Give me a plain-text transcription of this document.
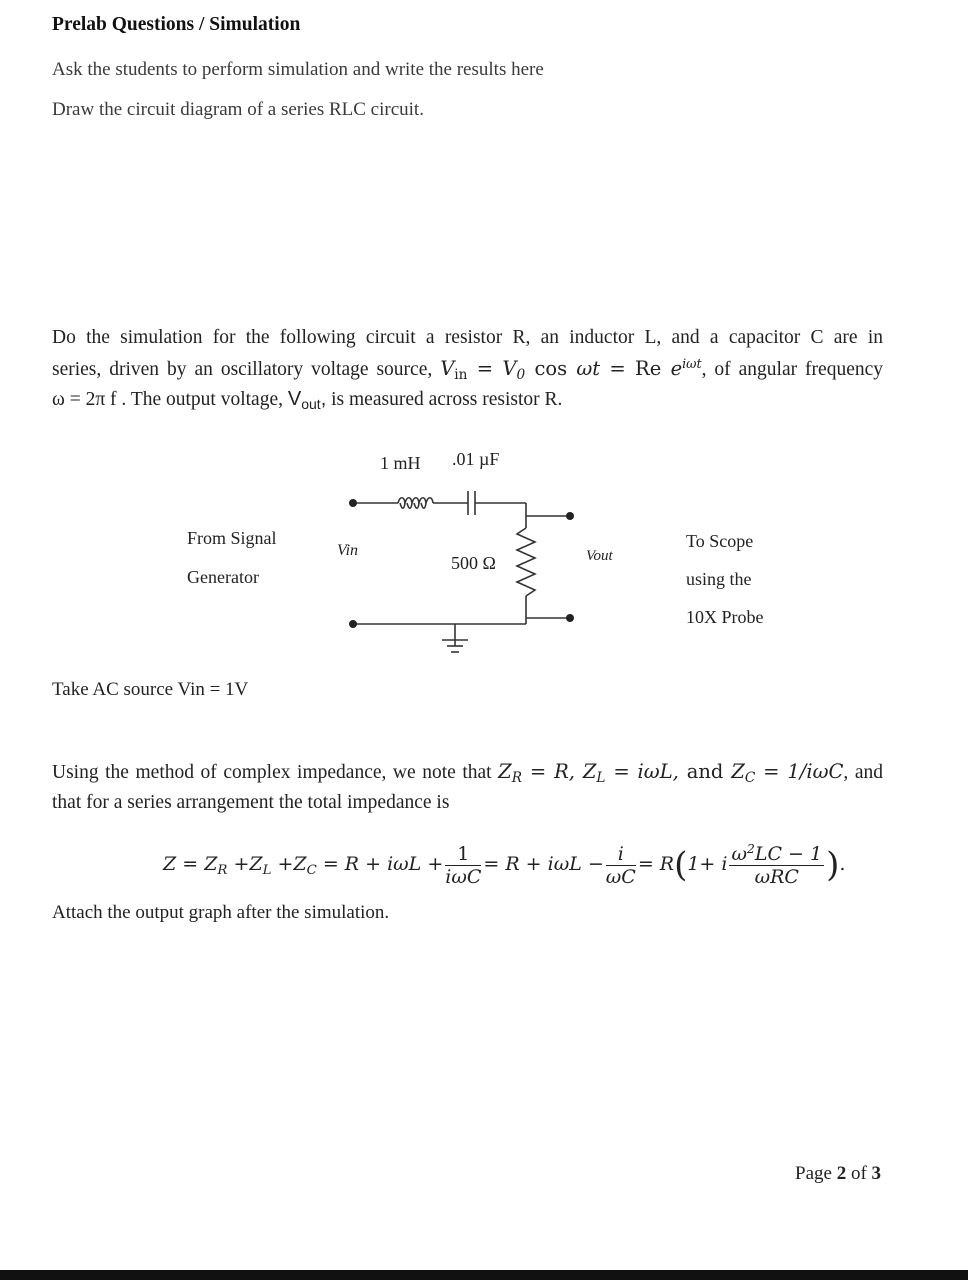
Prelab Questions / Simulation
Ask the students to perform simulation and write the results here
Draw the circuit diagram of a series RLC circuit.
Do the simulation for the following circuit a resistor R, an inductor L, and a capacitor C are in
series, driven by an oscillatory voltage source, $V_{in} = V_0$ cos ωt = Re $e^{i\omega t}$, of angular frequency
ω = 2π f . The output voltage, $V_{out}$, is measured across resistor R.
1 mH .01 µF
500 Ω
Vin	Vout
From Signal
Generator
To Scope
using the
10X Probe
Take AC source Vin = 1V
Using the method of complex impedance, we note that $Z_R = R$, $Z_L = i\omega L$, and $Z_C = 1/i\omega C$, and
that for a series arrangement the total impedance is
$Z = Z_R +Z_L +Z_C = R + i\omega L + \frac{1}{\text{iωC}} = R + i\omega L - \frac{i}{\omega C} = R(1+ i \frac{\omega^2LC - 1}{\text{ωRC}}$ ).
Attach the output graph after the simulation.
Page 2 of 3
